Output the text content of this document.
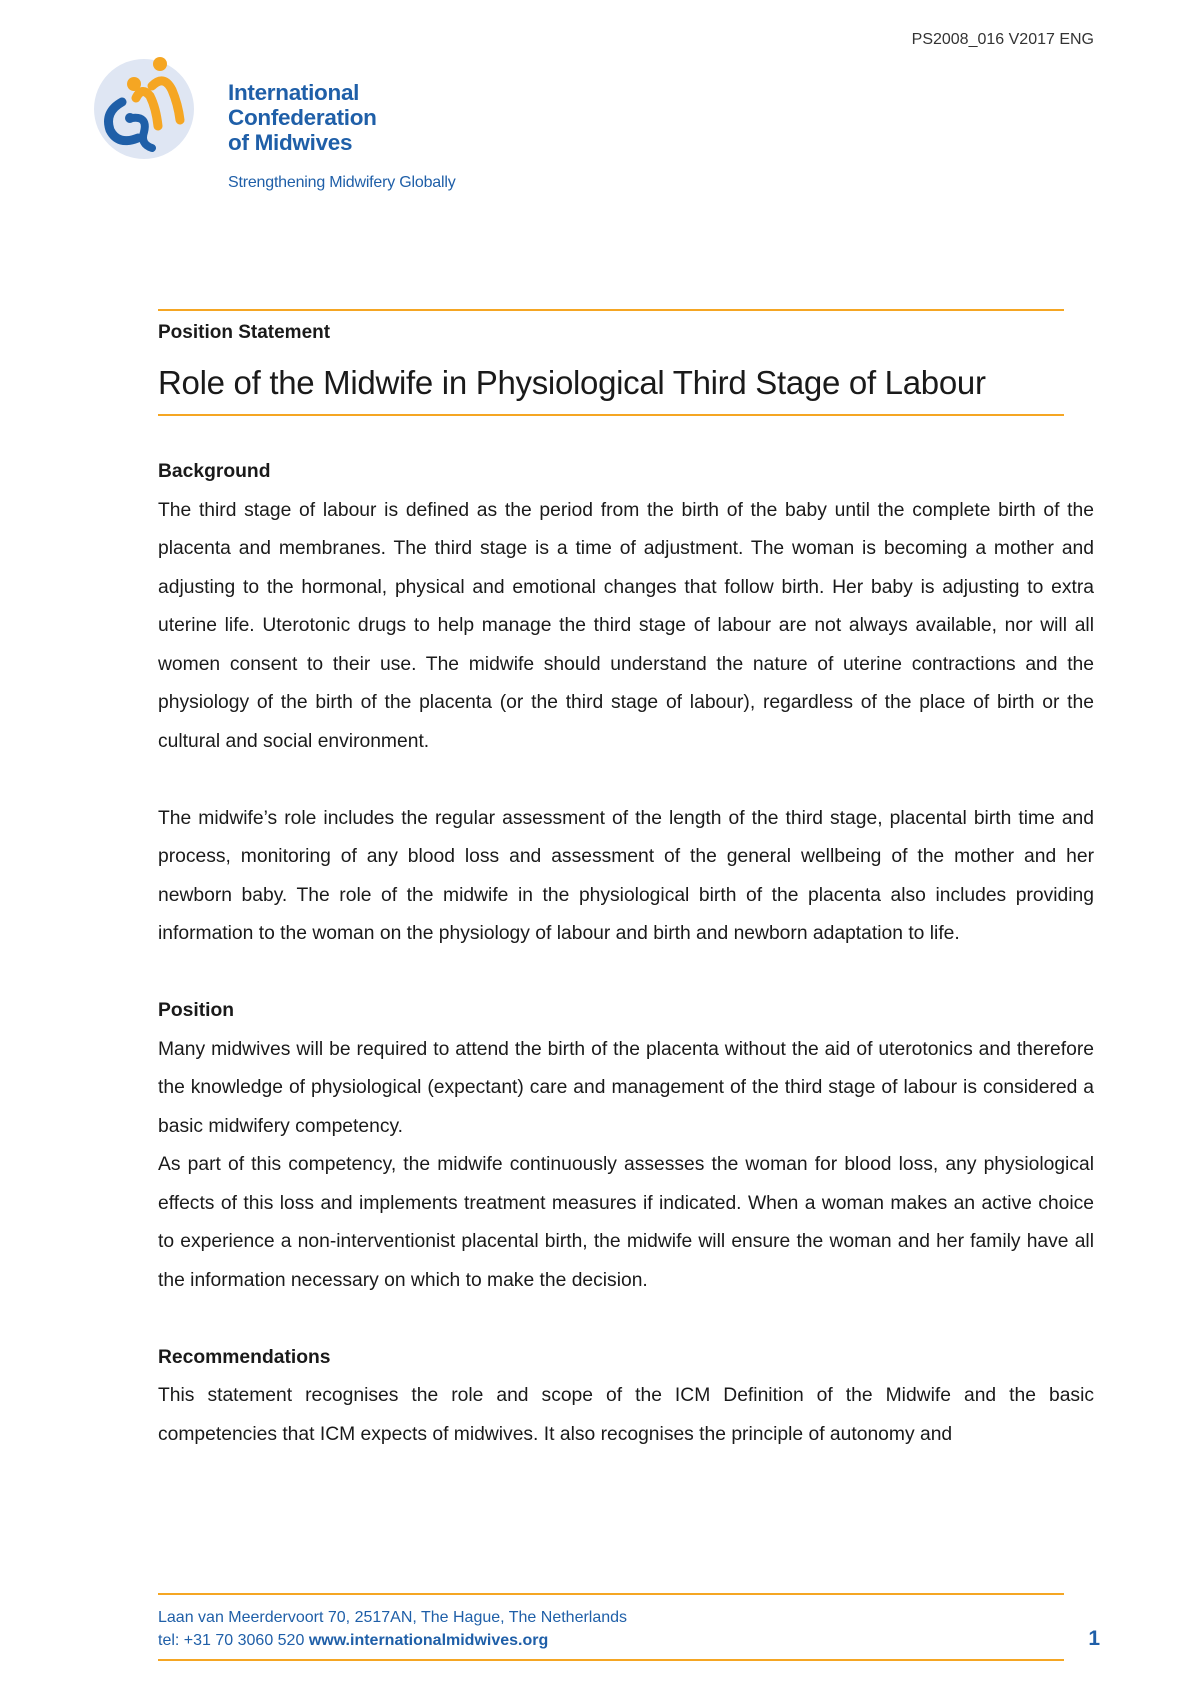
PS2008_016 V2017 ENG
International
Confederation
of Midwives
Strengthening Midwifery Globally
Position Statement
Role of the Midwife in Physiological Third Stage of Labour
Background

The third stage of labour is defined as the period from the birth of the baby until the complete birth of the placenta and membranes. The third stage is a time of adjustment. The woman is becoming a mother and adjusting to the hormonal, physical and emotional changes that follow birth. Her baby is adjusting to extra uterine life. Uterotonic drugs to help manage the third stage of labour are not always available, nor will all women consent to their use. The midwife should understand the nature of uterine contractions and the physiology of the birth of the placenta (or the third stage of labour), regardless of the place of birth or the cultural and social environment.

The midwife’s role includes the regular assessment of the length of the third stage, placental birth time and process, monitoring of any blood loss and assessment of the general wellbeing of the mother and her newborn baby. The role of the midwife in the physiological birth of the placenta also includes providing information to the woman on the physiology of labour and birth and newborn adaptation to life.

Position

Many midwives will be required to attend the birth of the placenta without the aid of uterotonics and therefore the knowledge of physiological (expectant) care and management of the third stage of labour is considered a basic midwifery competency.

As part of this competency, the midwife continuously assesses the woman for blood loss, any physiological effects of this loss and implements treatment measures if indicated. When a woman makes an active choice to experience a non-interventionist placental birth, the midwife will ensure the woman and her family have all the information necessary on which to make the decision.

Recommendations

This statement recognises the role and scope of the ICM Definition of the Midwife and the basic competencies that ICM expects of midwives. It also recognises the principle of autonomy and

Laan van Meerdervoort 70, 2517AN, The Hague, The Netherlands
tel: +31 70 3060 520 www.internationalmidwives.org	1
